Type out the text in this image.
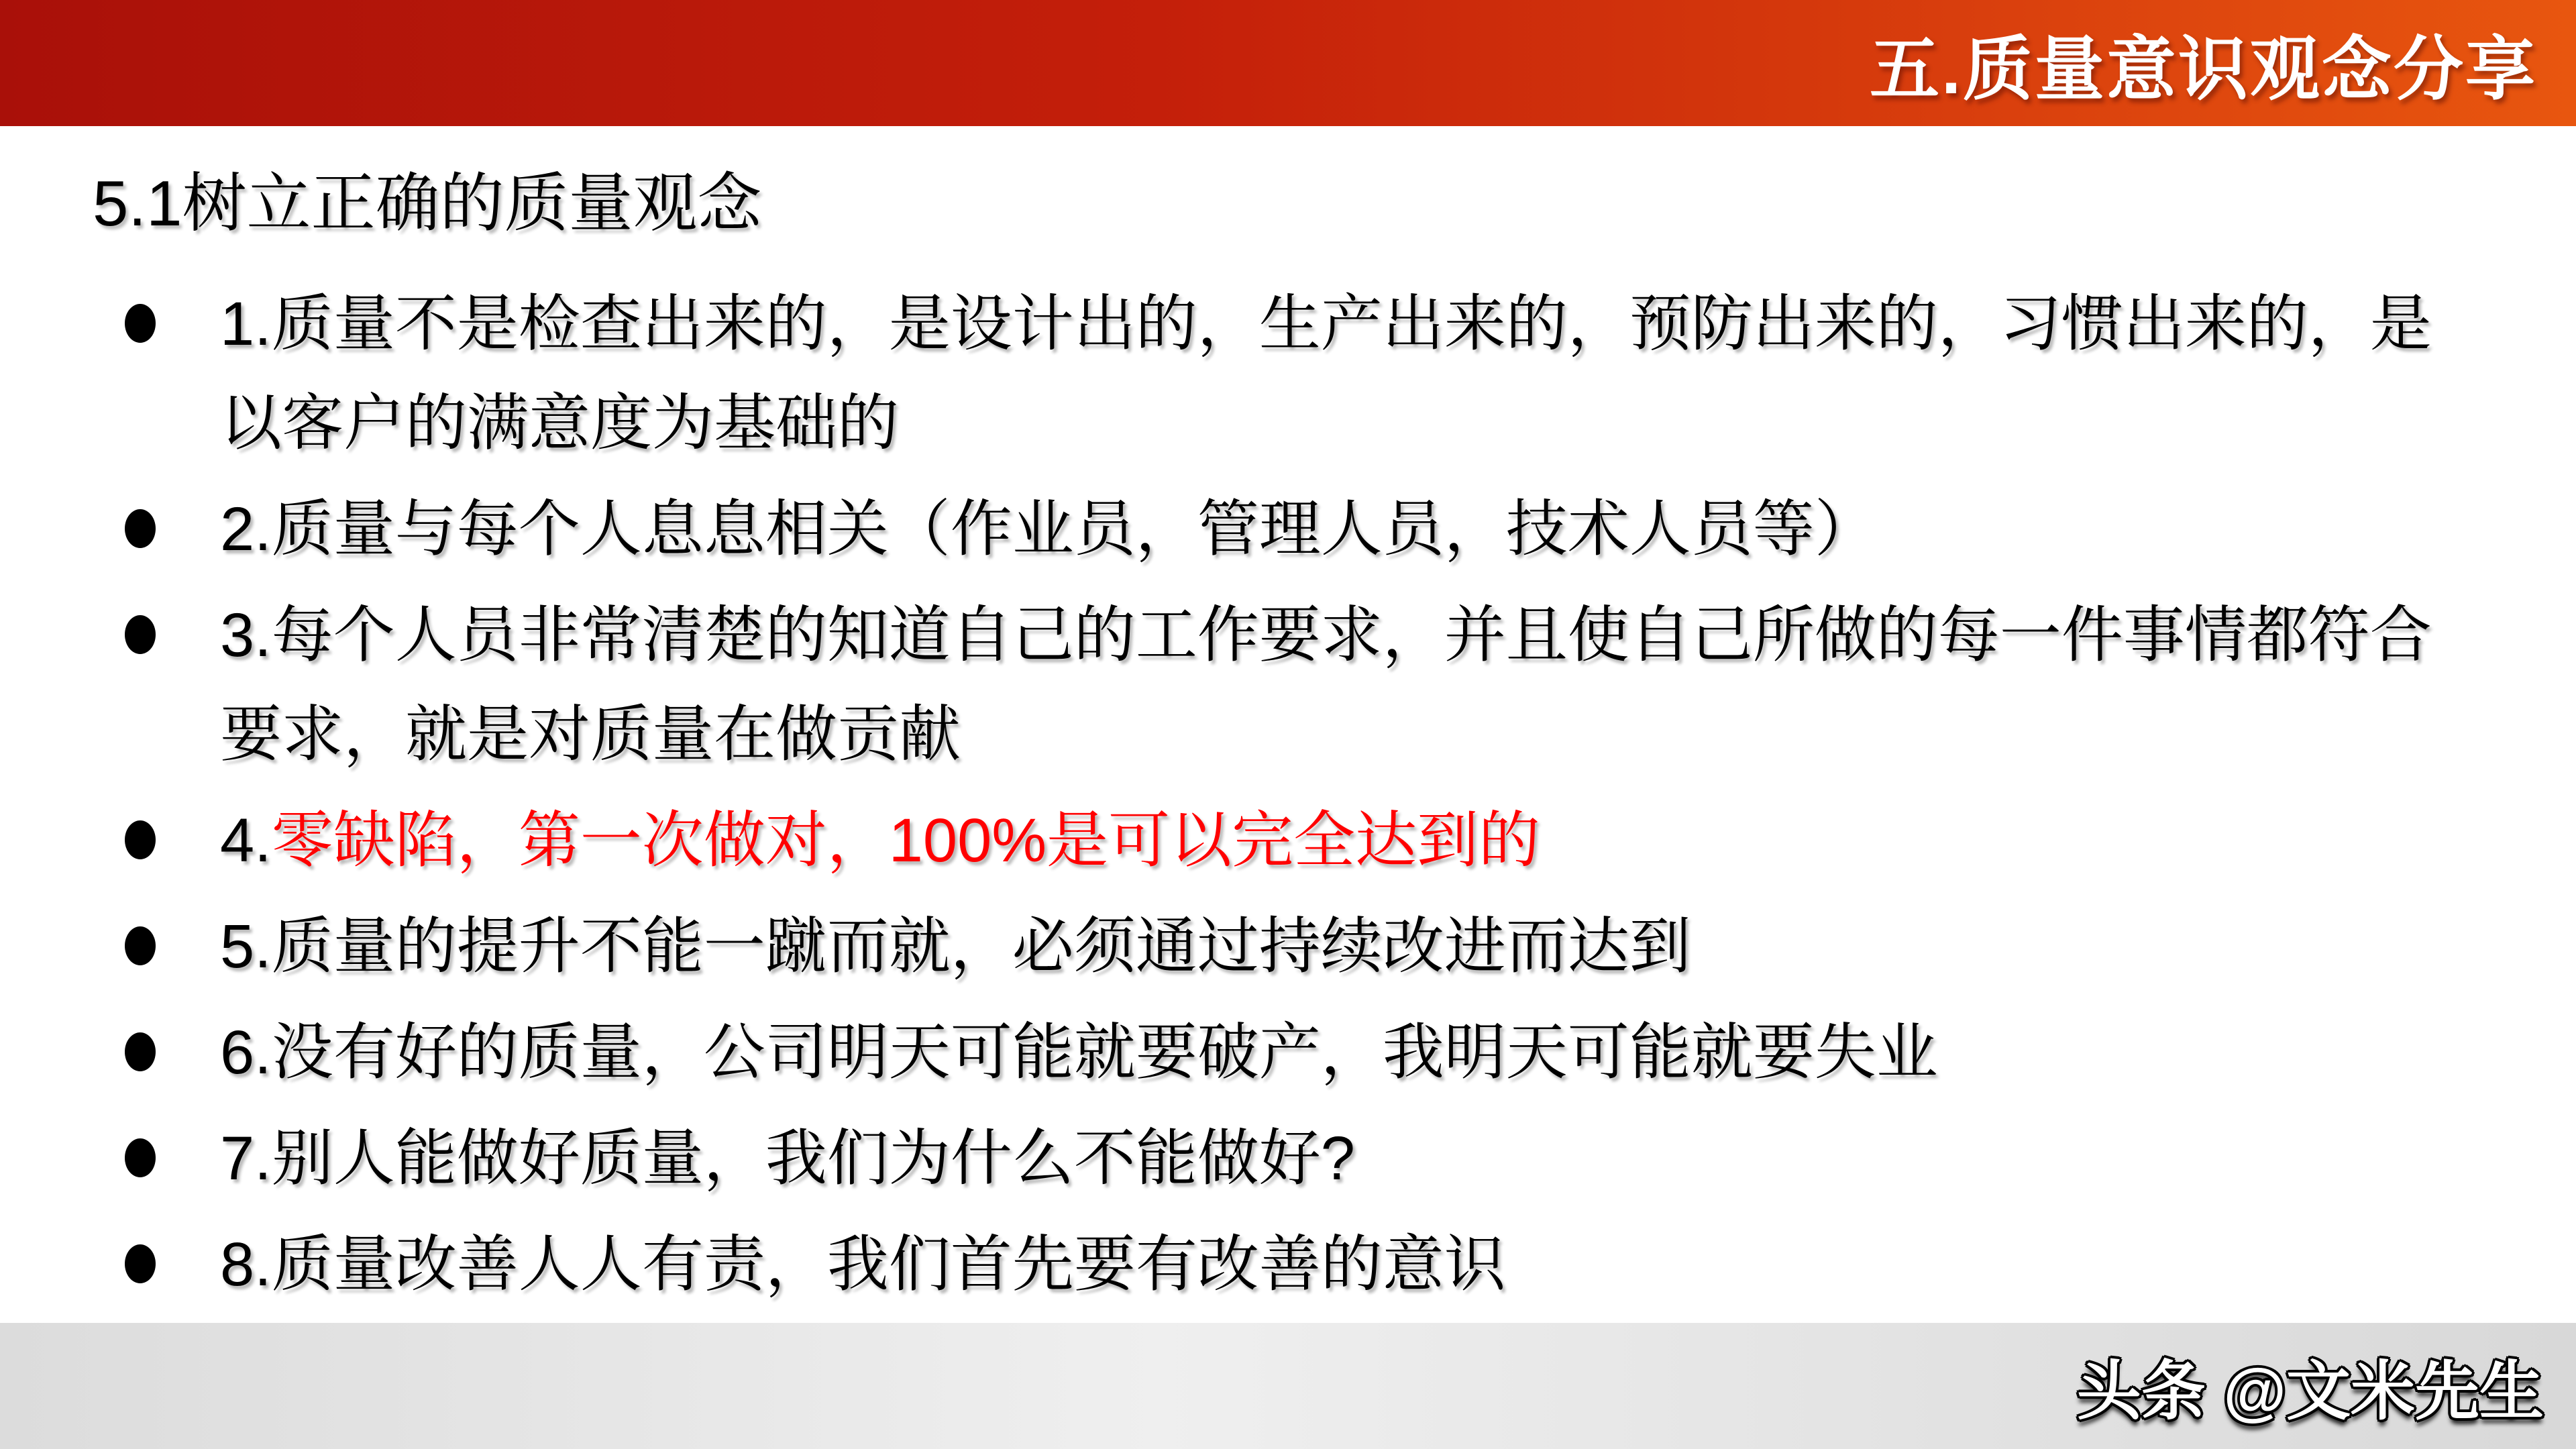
五.质量意识观念分享
5.1树立正确的质量观念

1.质量不是检查出来的，是设计出的，生产出来的，预防出来的，习惯出来的，是以客户的满意度为基础的

2.质量与每个人息息相关（作业员，管理人员，技术人员等）

3.每个人员非常清楚的知道自己的工作要求，并且使自己所做的每一件事情都符合要求，就是对质量在做贡献

4.零缺陷，第一次做对，100%是可以完全达到的

5.质量的提升不能一蹴而就，必须通过持续改进而达到

6.没有好的质量，公司明天可能就要破产，我明天可能就要失业

7.别人能做好质量，我们为什么不能做好?

8.质量改善人人有责，我们首先要有改善的意识

头条 @文米先生
